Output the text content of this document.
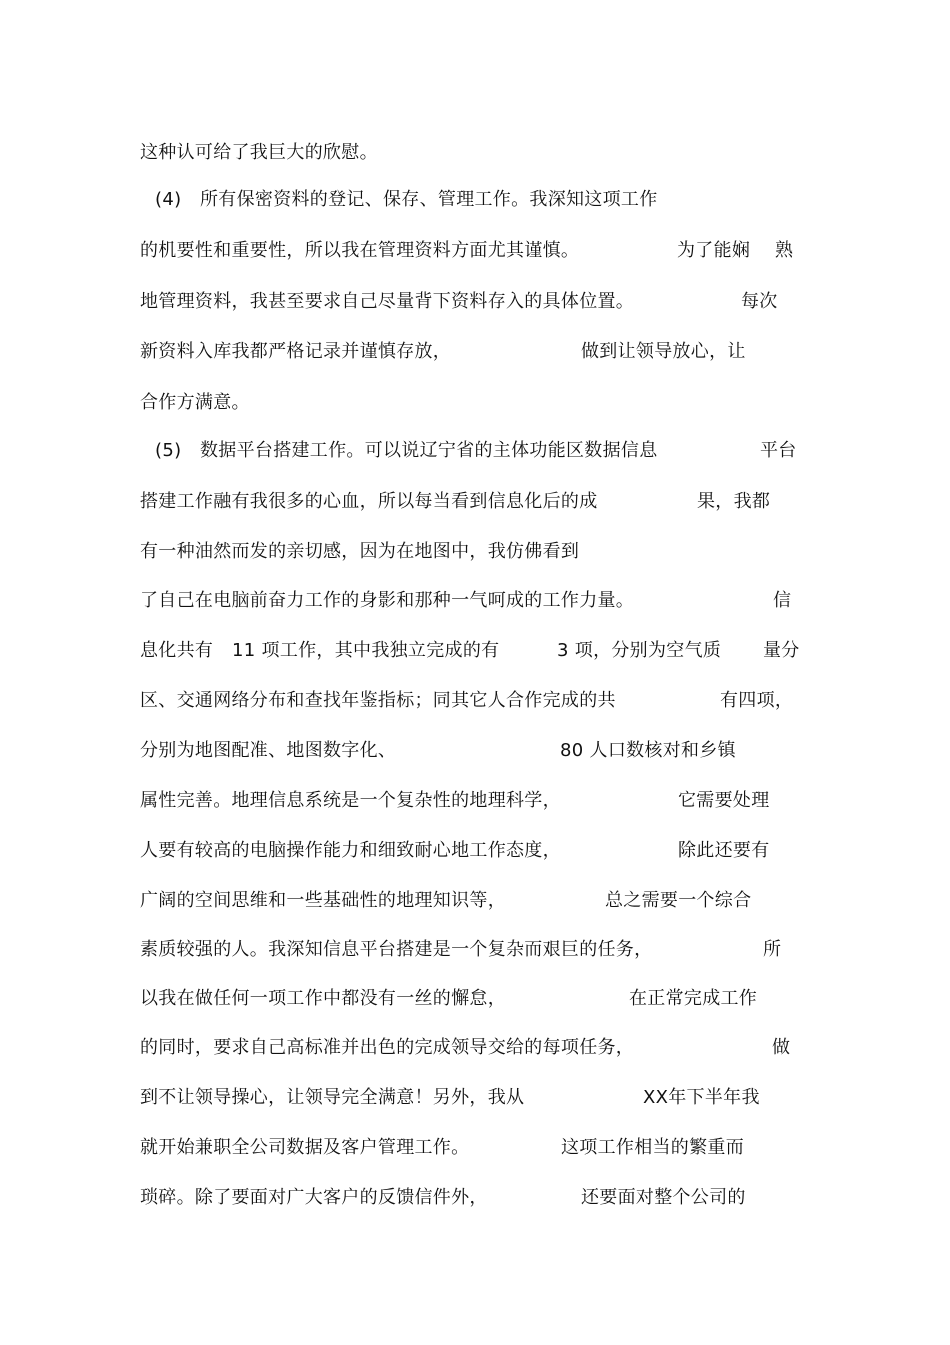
这种认可给了我巨大的欣慰。
(4) 所有保密资料的登记、保存、管理工作。我深知这项工作
的机要性和重要性，所以我在管理资料方面尤其谨慎。	为了能娴 熟
地管理资料，我甚至要求自己尽量背下资料存入的具体位置。	每次
新资料入库我都严格记录并谨慎存放，	做到让领导放心，让
合作方满意。
(5) 数据平台搭建工作。可以说辽宁省的主体功能区数据信息	平台
搭建工作融有我很多的心血，所以每当看到信息化后的成	果，我都
有一种油然而发的亲切感，因为在地图中，我仿佛看到
了自己在电脑前奋力工作的身影和那种一气呵成的工作力量。	信
息化共有 11 项工作，其中我独立完成的有	3 项，分别为空气质 量分
区、交通网络分布和查找年鉴指标；同其它人合作完成的共	有四项，
分别为地图配准、地图数字化、	80 人口数核对和乡镇
属性完善。地理信息系统是一个复杂性的地理科学，	它需要处理
人要有较高的电脑操作能力和细致耐心地工作态度，	除此还要有
广阔的空间思维和一些基础性的地理知识等，	总之需要一个综合
素质较强的人。我深知信息平台搭建是一个复杂而艰巨的任务，	所
以我在做任何一项工作中都没有一丝的懈怠，	在正常完成工作
的同时，要求自己高标准并出色的完成领导交给的每项任务，	做
到不让领导操心，让领导完全满意！另外，我从	XX年下半年我
就开始兼职全公司数据及客户管理工作。	这项工作相当的繁重而
琐碎。除了要面对广大客户的反馈信件外，	还要面对整个公司的
